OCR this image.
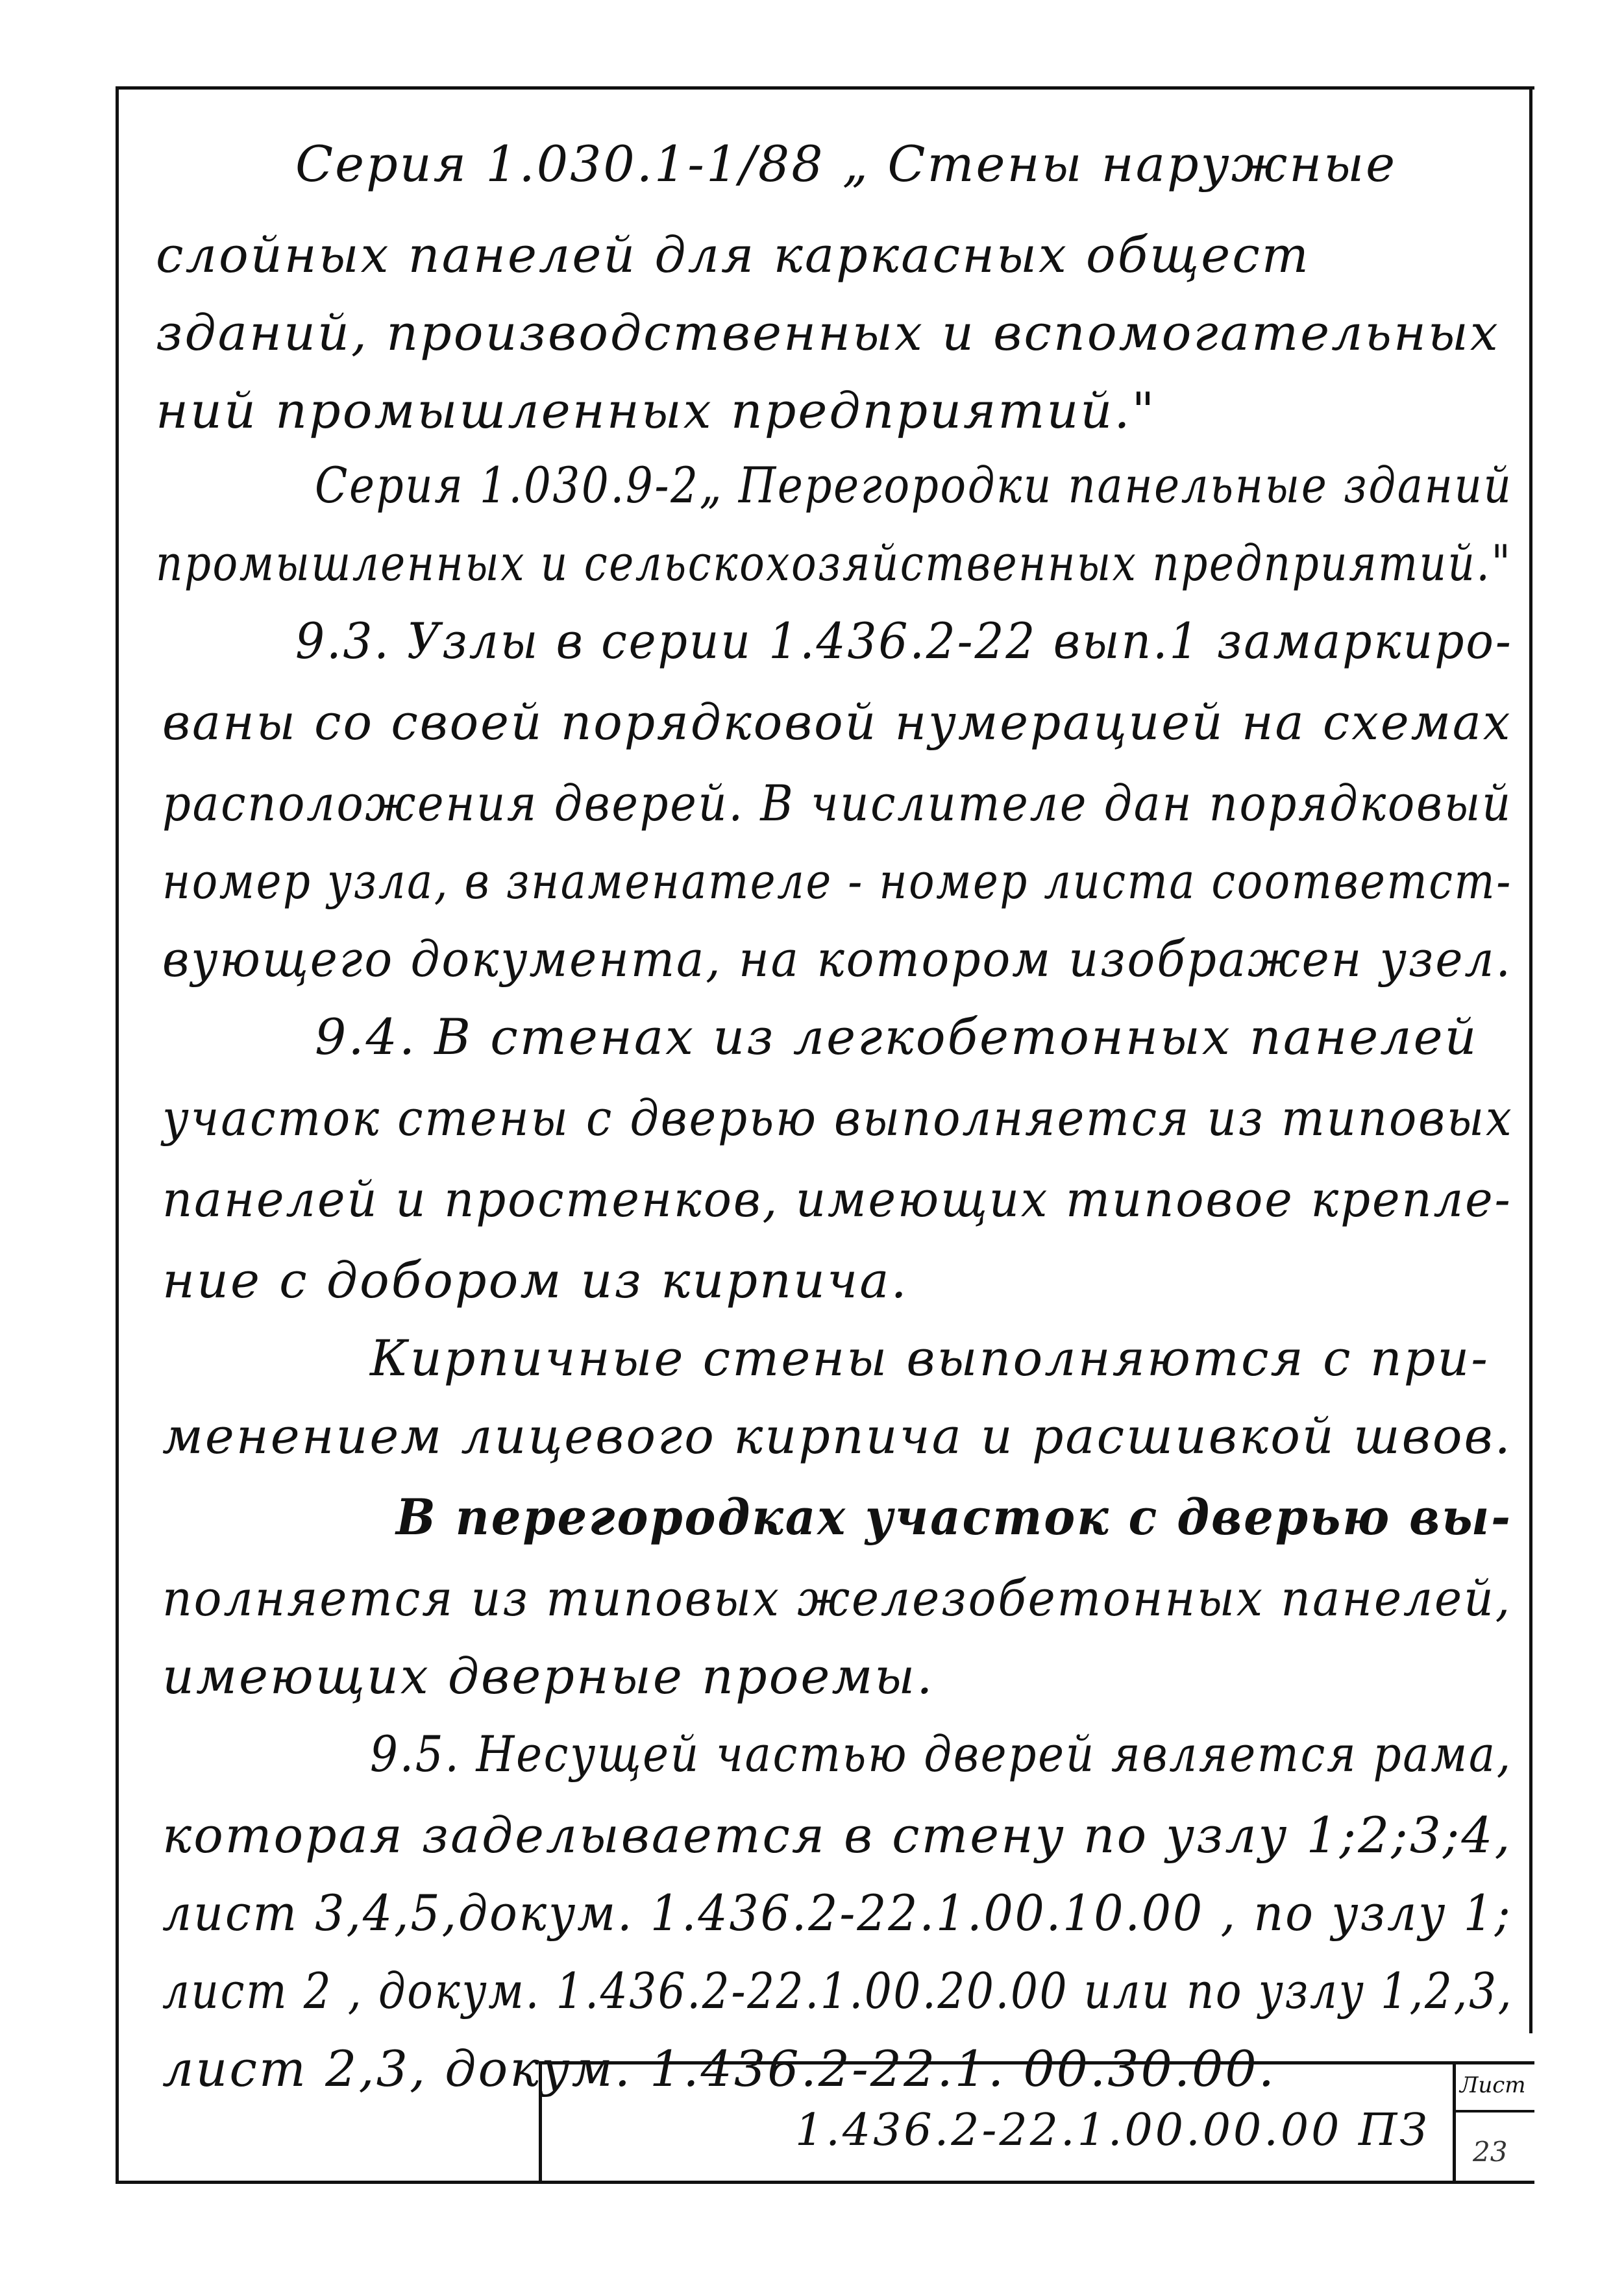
Серия 1.030.1-1/88 „ Стены наружные
слойных панелей для каркасных общест
зданий, производственных и вспомогательных
ний промышленных предприятий."
Серия 1.030.9-2„ Перегородки панельные зданий
промышленных и сельскохозяйственных предприятий."
9.3. Узлы в серии 1.436.2-22 вып.1 замаркиро-
ваны со своей порядковой нумерацией на схемах
расположения дверей. В числителе дан порядковый
номер узла, в знаменателе - номер листа соответст-
вующего документа, на котором изображен узел.
9.4. В стенах из легкобетонных панелей
участок стены с дверью выполняется из типовых
панелей и простенков, имеющих типовое крепле-
ние с добором из кирпича.
Кирпичные стены выполняются с при-
менением лицевого кирпича и расшивкой швов.
В перегородках участок с дверью вы-
полняется из типовых железобетонных панелей,
имеющих дверные проемы.
9.5. Несущей частью дверей является рама,
которая заделывается в стену по узлу 1;2;3;4,
лист 3,4,5,докум. 1.436.2-22.1.00.10.00 , по узлу 1;
лист 2 , докум. 1.436.2-22.1.00.20.00 или по узлу 1,2,3,
лист 2,3, докум. 1.436.2-22.1. 00.30.00.
1.436.2-22.1.00.00.00 ПЗ
Лист
23
